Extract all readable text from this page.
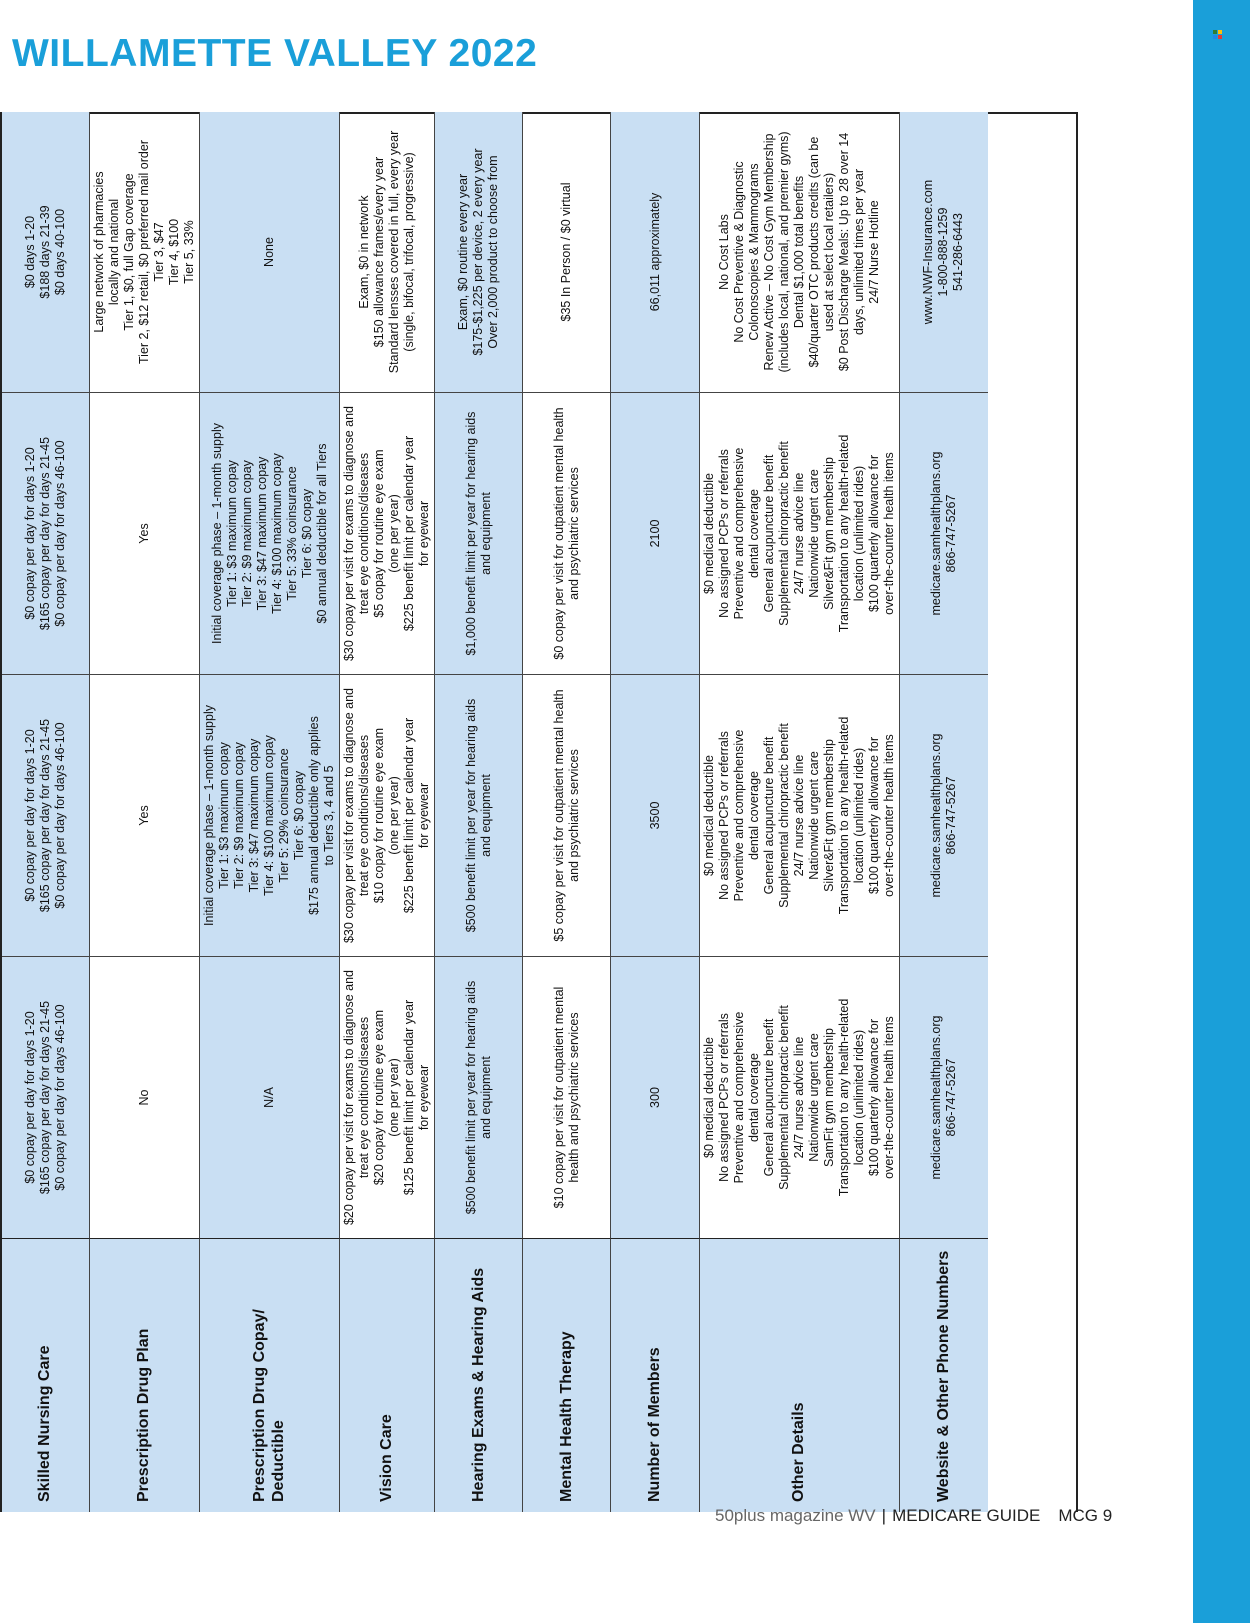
WILLAMETTE VALLEY 2022
Skilled Nursing Care
$0 copay per day for days 1-20
$165 copay per day for days 21-45
$0 copay per day for days 46-100
$0 copay per day for days 1-20
$165 copay per day for days 21-45
$0 copay per day for days 46-100
$0 copay per day for days 1-20
$165 copay per day for days 21-45
$0 copay per day for days 46-100
$0 days 1-20
$188 days 21-39
$0 days 40-100
Prescription Drug Plan
No
Yes
Yes
Large network of pharmacies
locally and national
Tier 1, $0, full Gap coverage
Tier 2, $12 retail, $0 preferred mail order
Tier 3, $47
Tier 4, $100
Tier 5, 33%
Prescription Drug Copay/ Deductible
N/A
Initial coverage phase – 1-month supply
Tier 1: $3 maximum copay
Tier 2: $9 maximum copay
Tier 3: $47 maximum copay
Tier 4: $100 maximum copay
Tier 5: 29% coinsurance
Tier 6: $0 copay
$175 annual deductible only applies
to Tiers 3, 4 and 5
Initial coverage phase – 1-month supply
Tier 1: $3 maximum copay
Tier 2: $9 maximum copay
Tier 3: $47 maximum copay
Tier 4: $100 maximum copay
Tier 5: 33% coinsurance
Tier 6: $0 copay
$0 annual deductible for all Tiers
None
Vision Care
$20 copay per visit for exams to diagnose and
treat eye conditions/diseases
$20 copay for routine eye exam
(one per year)
$125 benefit limit per calendar year
for eyewear
$30 copay per visit for exams to diagnose and
treat eye conditions/diseases
$10 copay for routine eye exam
(one per year)
$225 benefit limit per calendar year
for eyewear
$30 copay per visit for exams to diagnose and
treat eye conditions/diseases
$5 copay for routine eye exam
(one per year)
$225 benefit limit per calendar year
for eyewear
Exam, $0 in network
$150 allowance frames/every year
Standard lensses covered in full, every year
(single, bifocal, trifocal, progressive)
Hearing Exams & Hearing Aids
$500 benefit limit per year for hearing aids
and equipment
$500 benefit limit per year for hearing aids
and equipment
$1,000 benefit limit per year for hearing aids
and equipment
Exam, $0 routine every year
$175-$1,225 per device, 2 every year
Over 2,000 product to choose from
Mental Health Therapy
$10 copay per visit for outpatient mental
health and psychiatric services
$5 copay per visit for outpatient mental health
and psychiatric services
$0 copay per visit for outpatient mental health
and psychiatric services
$35 In Person / $0 virtual
Number of Members
300
3500
2100
66,011 approximately
Other Details
$0 medical deductible
No assigned PCPs or referrals
Preventive and comprehensive
dental coverage
General acupuncture benefit
Supplemental chiropractic benefit
24/7 nurse advice line
Nationwide urgent care
SamFit gym membership
Transportation to any health-related
location (unlimited rides)
$100 quarterly allowance for
over-the-counter health items
$0 medical deductible
No assigned PCPs or referrals
Preventive and comprehensive
dental coverage
General acupuncture benefit
Supplemental chiropractic benefit
24/7 nurse advice line
Nationwide urgent care
Silver&Fit gym membership
Transportation to any health-related
location (unlimited rides)
$100 quarterly allowance for
over-the-counter health items
$0 medical deductible
No assigned PCPs or referrals
Preventive and comprehensive
dental coverage
General acupuncture benefit
Supplemental chiropractic benefit
24/7 nurse advice line
Nationwide urgent care
Silver&Fit gym membership
Transportation to any health-related
location (unlimited rides)
$100 quarterly allowance for
over-the-counter health items
No Cost Labs
No Cost Preventive & Diagnostic
Colonoscopies & Mammograms
Renew Active – No Cost Gym Membership
(includes local, national, and premier gyms)
Dental $1,000 total benefits
$40/quarter OTC products credits (can be
used at select local retailers)
$0 Post Discharge Meals: Up to 28 over 14
days, unlimited times per year
24/7 Nurse Hotline
Website & Other Phone Numbers
medicare.samhealthplans.org
866-747-5267
medicare.samhealthplans.org
866-747-5267
medicare.samhealthplans.org
866-747-5267
www.NWF-Insurance.com
1-800-888-1259
541-286-6443
50plus magazine WV | MEDICARE GUIDE MCG 9
